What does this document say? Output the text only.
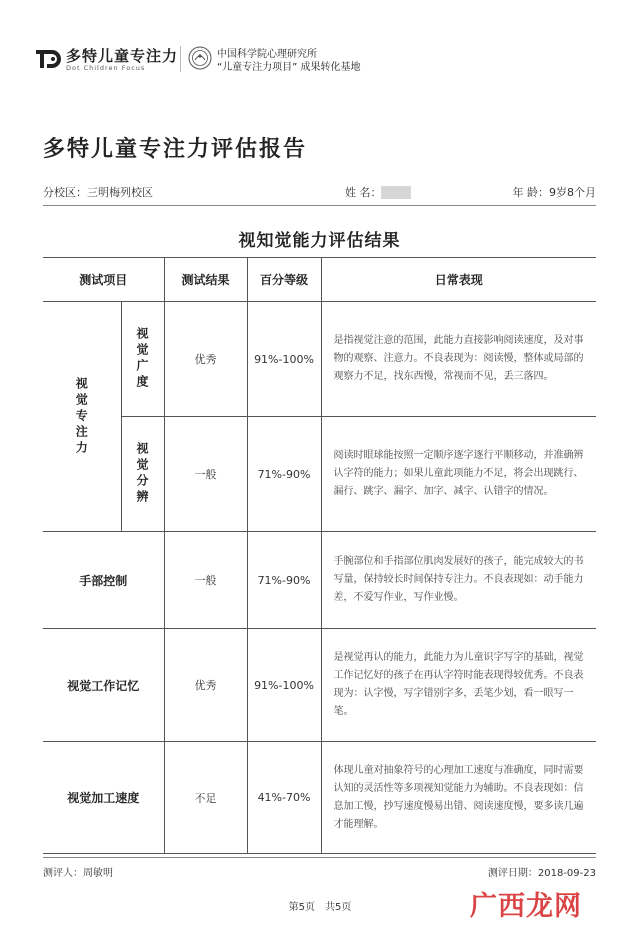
多特儿童专注力
Dot Children Focus
中国科学院心理研究所
“儿童专注力项目” 成果转化基地
多特儿童专注力评估报告
分校区：三明梅列校区	姓 名：	年 龄：9岁8个月
视知觉能力评估结果				
测试项目		测试结果	百分等级	日常表现

视觉专注力	视觉广度	优秀	91%-100%	是指视觉注意的范围，此能力直接影响阅读速度，及对事物的观察、注意力。不良表现为：阅读慢，整体或局部的观察力不足，找东西慢，常视而不见，丢三落四。

	视觉分辨	一般	71%-90%	阅读时眼球能按照一定顺序逐字逐行平顺移动，并准确辨认字符的能力；如果儿童此项能力不足，将会出现跳行、漏行、跳字、漏字、加字、减字、认错字的情况。
手部控制		一般	71%-90%	手腕部位和手指部位肌肉发展好的孩子，能完成较大的书写量，保持较长时间保持专注力。不良表现如：动手能力差，不爱写作业，写作业慢。
视觉工作记忆		优秀	91%-100%	是视觉再认的能力，此能力为儿童识字写字的基础，视觉工作记忆好的孩子在再认字符时能表现得较优秀。不良表现为：认字慢，写字错别字多，丢笔少划，看一眼写一笔。
视觉加工速度		不足	41%-70%	体现儿童对抽象符号的心理加工速度与准确度，同时需要认知的灵活性等多项视知觉能力为辅助。不良表现如：信息加工慢，抄写速度慢易出错、阅读速度慢，要多读几遍才能理解。
测评人：周敏明	测评日期：2018-09-23
第5页　共5页	广西龙网
